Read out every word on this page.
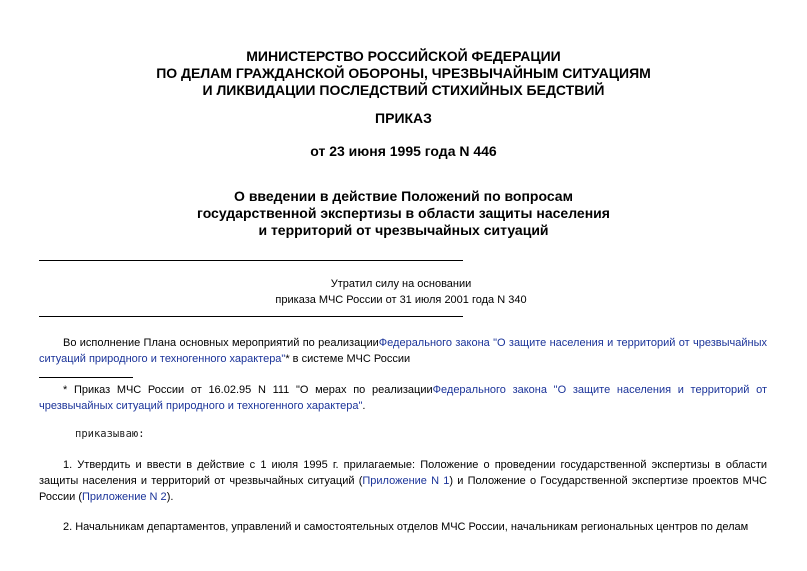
МИНИСТЕРСТВО РОССИЙСКОЙ ФЕДЕРАЦИИ
ПО ДЕЛАМ ГРАЖДАНСКОЙ ОБОРОНЫ, ЧРЕЗВЫЧАЙНЫМ СИТУАЦИЯМ
И ЛИКВИДАЦИИ ПОСЛЕДСТВИЙ СТИХИЙНЫХ БЕДСТВИЙ
ПРИКАЗ
от 23 июня 1995 года N 446
О введении в действие Положений по вопросам
государственной экспертизы в области защиты населения
и территорий от чрезвычайных ситуаций
Утратил силу на основании
приказа МЧС России от 31 июля 2001 года N 340
Во исполнение Плана основных мероприятий по реализацииФедерального закона "О защите населения и территорий от чрезвычайных ситуаций природного и техногенного характера"* в системе МЧС России
* Приказ МЧС России от 16.02.95 N 111 "О мерах по реализацииФедерального закона "О защите населения и территорий от чрезвычайных ситуаций природного и техногенного характера".
приказываю:
1. Утвердить и ввести в действие с 1 июля 1995 г. прилагаемые: Положение о проведении государственной экспертизы в области защиты населения и территорий от чрезвычайных ситуаций (Приложение N 1) и Положение о Государственной экспертизе проектов МЧС России (Приложение N 2).
2. Начальникам департаментов, управлений и самостоятельных отделов МЧС России, начальникам региональных центров по делам
